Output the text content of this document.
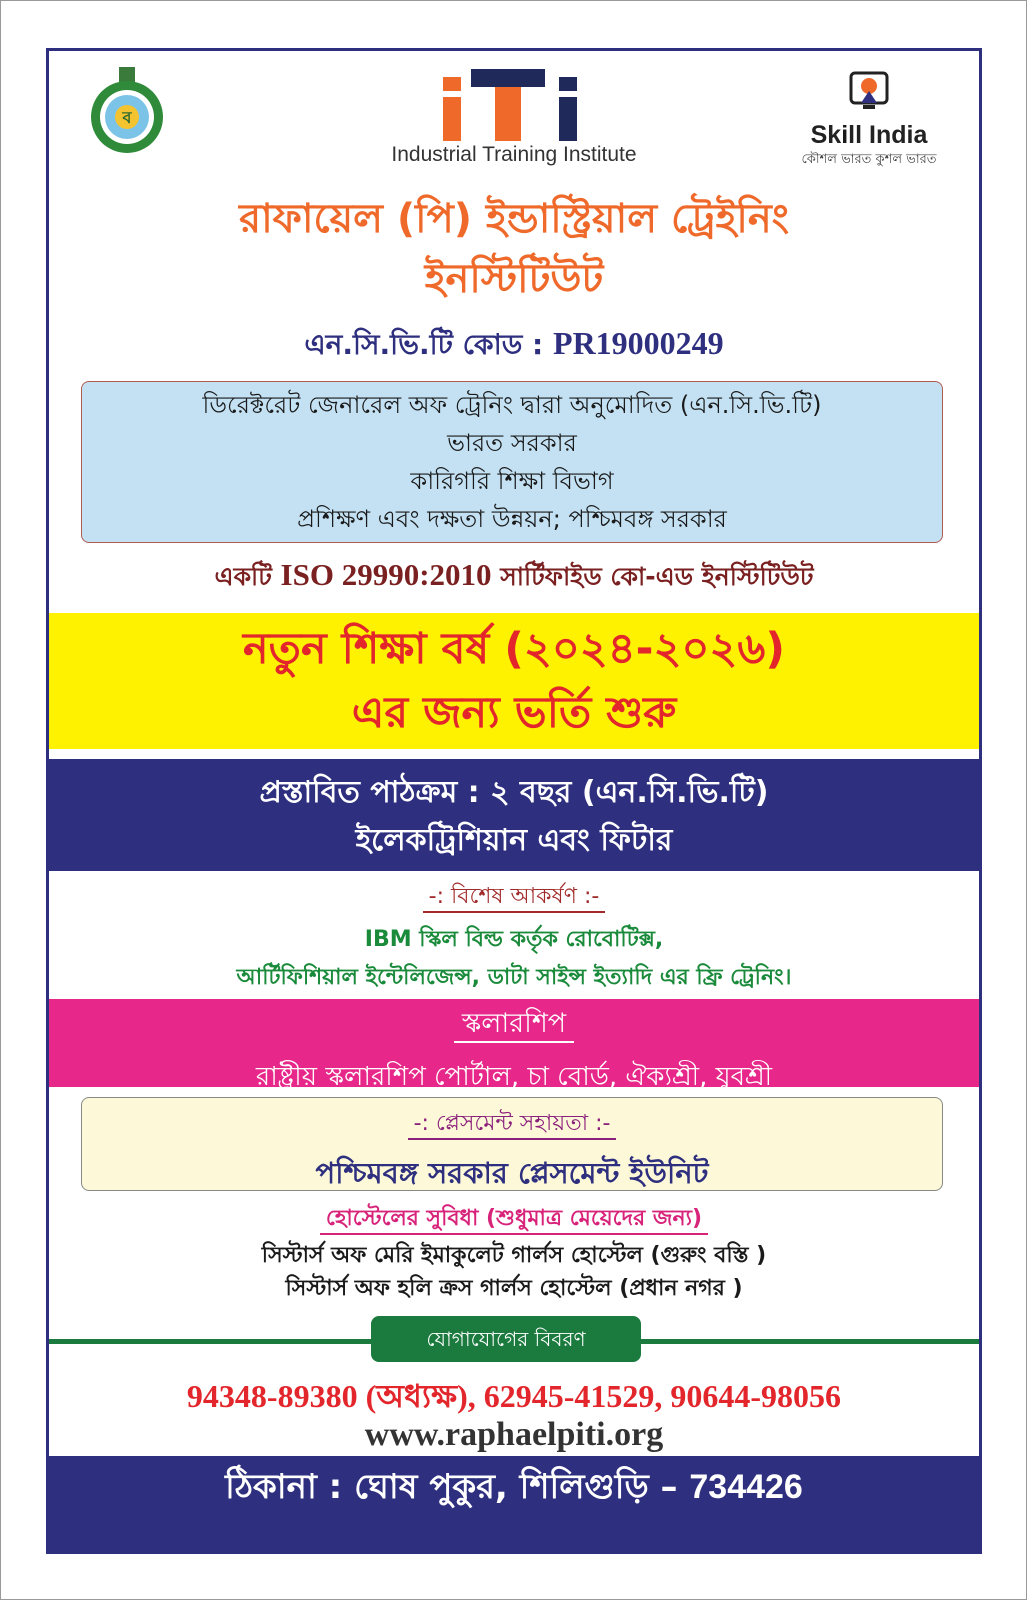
ব
Industrial Training Institute
Skill India
কৌশল ভারত কুশল ভারত
রাফায়েল (পি) ইন্ডাস্ট্রিয়াল ট্রেইনিং
ইনস্টিটিউট
এন.সি.ভি.টি কোড : PR19000249
ডিরেক্টরেট জেনারেল অফ ট্রেনিং দ্বারা অনুমোদিত (এন.সি.ভি.টি)
ভারত সরকার
কারিগরি শিক্ষা বিভাগ
প্রশিক্ষণ এবং দক্ষতা উন্নয়ন; পশ্চিমবঙ্গ সরকার
একটি ISO 29990:2010 সার্টিফাইড কো-এড ইনস্টিটিউট
নতুন শিক্ষা বর্ষ (২০২৪-২০২৬)
এর জন্য ভর্তি শুরু
প্রস্তাবিত পাঠক্রম : ২ বছর (এন.সি.ভি.টি)
ইলেকট্রিশিয়ান এবং ফিটার
-: বিশেষ আকর্ষণ :-
IBM স্কিল বিল্ড কর্তৃক রোবোটিক্স,
আর্টিফিশিয়াল ইন্টেলিজেন্স, ডাটা সাইন্স ইত্যাদি এর ফ্রি ট্রেনিং।
স্কলারশিপ
রাষ্ট্রীয় স্কলারশিপ পোর্টাল, চা বোর্ড, ঐক্যশ্রী, যুবশ্রী
-: প্লেসমেন্ট সহায়তা :-
পশ্চিমবঙ্গ সরকার প্লেসমেন্ট ইউনিট
হোস্টেলের সুবিধা (শুধুমাত্র মেয়েদের জন্য)
সিস্টার্স অফ মেরি ইমাকুলেট গার্লস হোস্টেল (গুরুং বস্তি )
সিস্টার্স অফ হলি ক্রস গার্লস হোস্টেল (প্রধান নগর )
যোগাযোগের বিবরণ
94348-89380 (অধ্যক্ষ), 62945-41529, 90644-98056
www.raphaelpiti.org
ঠিকানা : ঘোষ পুকুর, শিলিগুড়ি – 734426
